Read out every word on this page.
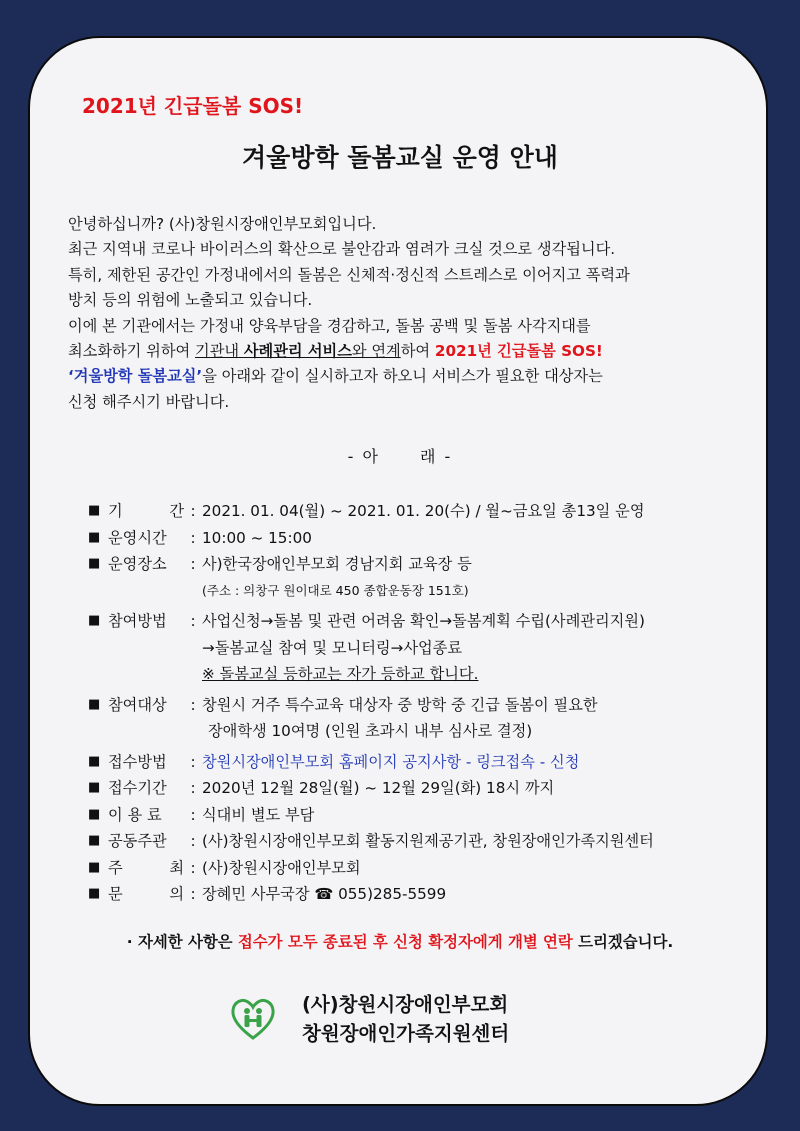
2021년 긴급돌봄 SOS!
겨울방학 돌봄교실 운영 안내

안녕하십니까? (사)창원시장애인부모회입니다.

최근 지역내 코로나 바이러스의 확산으로 불안감과 염려가 크실 것으로 생각됩니다.

특히, 제한된 공간인 가정내에서의 돌봄은 신체적·정신적 스트레스로 이어지고 폭력과

방치 등의 위험에 노출되고 있습니다.

이에 본 기관에서는 가정내 양육부담을 경감하고, 돌봄 공백 및 돌봄 사각지대를

최소화하기 위하여 기관내 사례관리 서비스와 연계하여 2021년 긴급돌봄 SOS!

‘겨울방학 돌봄교실’을 아래와 같이 실시하고자 하오니 서비스가 필요한 대상자는

신청 해주시기 바랍니다.

- 아	래 -
■ 기	간 : 2021. 01. 04(월) ~ 2021. 01. 20(수) / 월~금요일 총13일 운영
■ 운영시간	: 10:00 ~ 15:00
■ 운영장소	: 사)한국장애인부모회 경남지회 교육장 등
(주소 : 의창구 원이대로 450 종합운동장 151호)
■ 참여방법	: 사업신청→돌봄 및 관련 어려움 확인→돌봄계획 수립(사례관리지원)
→돌봄교실 참여 및 모니터링→사업종료
※ 돌봄교실 등하교는 자가 등하교 합니다.
■ 참여대상	: 창원시 거주 특수교육 대상자 중 방학 중 긴급 돌봄이 필요한
장애학생 10여명 (인원 초과시 내부 심사로 결정)
■ 접수방법	: 창원시장애인부모회 홈페이지 공지사항 - 링크접속 - 신청
■ 접수기간	: 2020년 12월 28일(월) ~ 12월 29일(화) 18시 까지
■ 이 용 료	: 식대비 별도 부담
■ 공동주관	: (사)창원시장애인부모회 활동지원제공기관, 창원장애인가족지원센터
■ 주	최 : (사)창원시장애인부모회
■ 문	의 : 장혜민 사무국장 ☎ 055)285-5599
· 자세한 사항은 접수가 모두 종료된 후 신청 확정자에게 개별 연락 드리겠습니다.
(사)창원시장애인부모회
창원장애인가족지원센터
